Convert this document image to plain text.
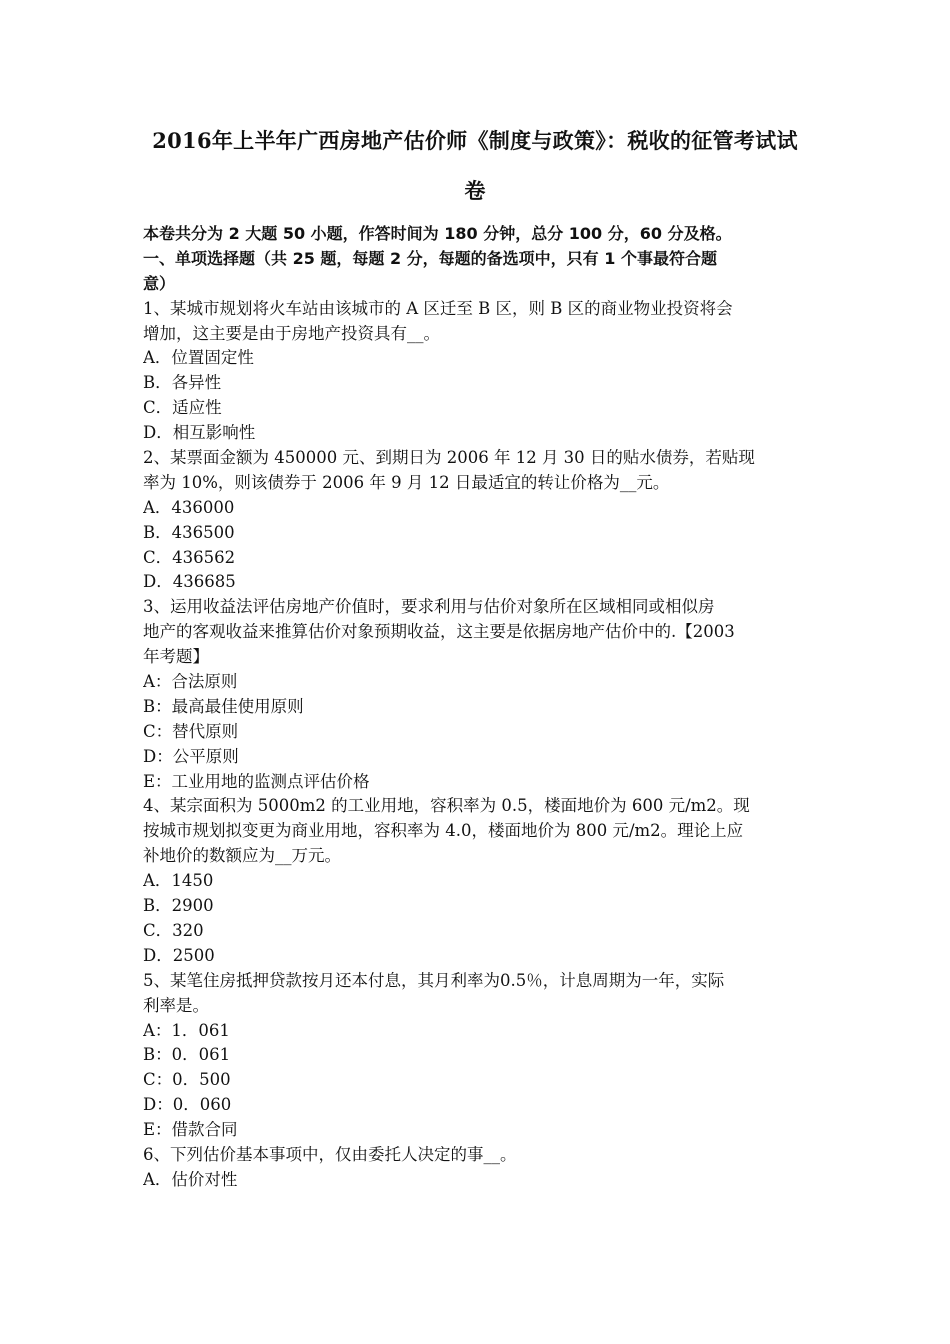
2016年上半年广西房地产估价师《制度与政策》：税收的征管考试试
卷
本卷共分为 2 大题 50 小题，作答时间为 180 分钟，总分 100 分，60 分及格。
一、单项选择题（共 25 题，每题 2 分，每题的备选项中，只有 1 个事最符合题
意）
1、某城市规划将火车站由该城市的 A 区迁至 B 区，则 B 区的商业物业投资将会
增加，这主要是由于房地产投资具有__。
A．位置固定性
B．各异性
C．适应性
D．相互影响性
2、某票面金额为 450000 元、到期日为 2006 年 12 月 30 日的贴水债券，若贴现
率为 10%，则该债券于 2006 年 9 月 12 日最适宜的转让价格为__元。
A．436000
B．436500
C．436562
D．436685
3、运用收益法评估房地产价值时，要求利用与估价对象所在区域相同或相似房
地产的客观收益来推算估价对象预期收益，这主要是依据房地产估价中的.【2003
年考题】
A：合法原则
B：最高最佳使用原则
C：替代原则
D：公平原则
E：工业用地的监测点评估价格
4、某宗面积为 5000m2 的工业用地，容积率为 0.5，楼面地价为 600 元/m2。现
按城市规划拟变更为商业用地，容积率为 4.0，楼面地价为 800 元/m2。理论上应
补地价的数额应为__万元。
A．1450
B．2900
C．320
D．2500
5、某笔住房抵押贷款按月还本付息，其月利率为0.5％，计息周期为一年，实际
利率是。
A：1．061
B：0．061
C：0．500
D：0．060
E：借款合同
6、下列估价基本事项中，仅由委托人决定的事__。
A．估价对性
